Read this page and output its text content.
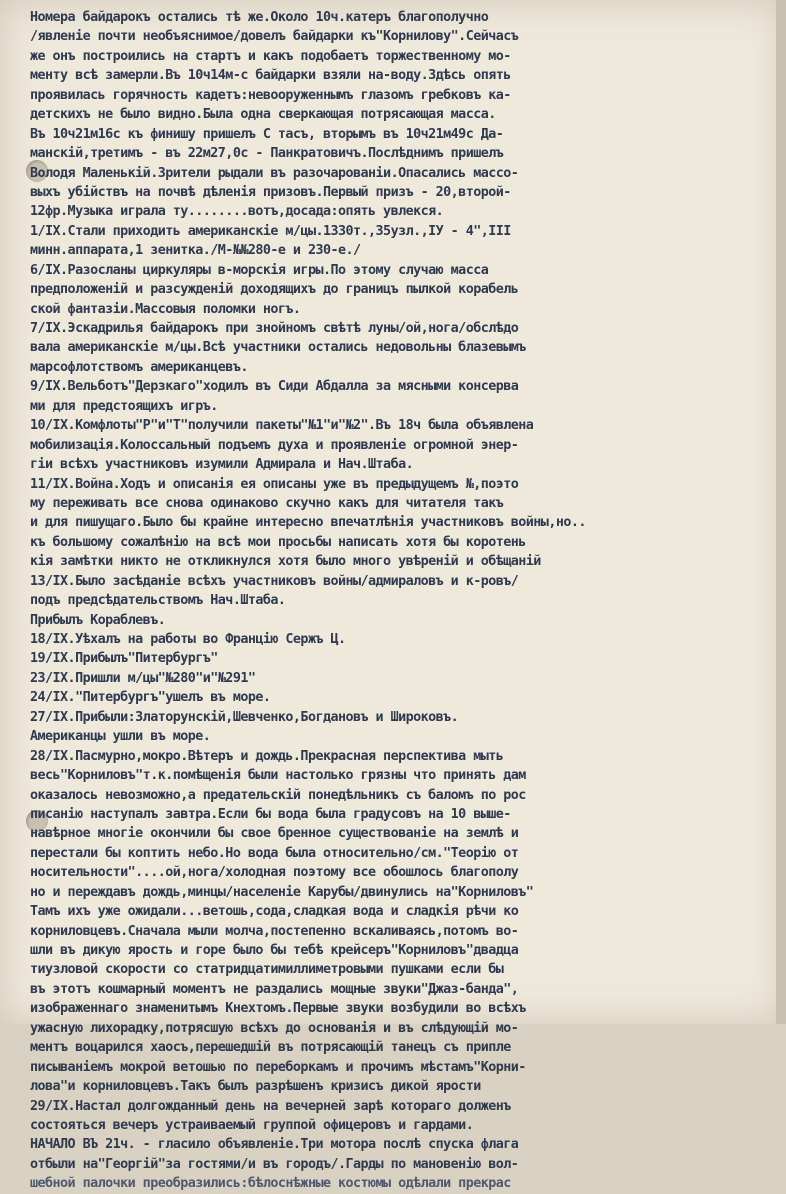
Номера байдарокъ остались тѣ же.Около 10ч.катеръ благополучно
/явленіе почти необъяснимое/довелъ байдарки къ"Корнилову".Сейчасъ
же онъ построились на стартъ и какъ подобаетъ торжественному мо-
менту всѣ замерли.Въ 10ч14м-с байдарки взяли на-воду.Здѣсь опять
проявилась горячность кадетъ:невооруженнымъ глазомъ гребковъ ка-
детскихъ не было видно.Была одна сверкающая потрясающая масса.
Въ 10ч21м16с къ финишу пришелъ С тасъ, вторымъ въ 10ч21м49с Да-
манскій,третимъ - въ 22м27,0с - Панкратовичъ.Послѣднимъ пришелъ
Володя Маленькій.Зрители рыдали въ разочарованіи.Опасались массо-
выхъ убійствъ на почвѣ дѣленія призовъ.Первый призъ - 20,второй-
12фр.Музыка играла ту........вотъ,досада:опять увлекся.
1/IX.Стали приходить американскіе м/цы.1330т.,35узл.,IУ - 4",III
минн.аппарата,1 зенитка./М-№№280-е и 230-е./
6/IX.Разосланы циркуляры в-морскія игры.По этому случаю масса
предположеній и разсужденій доходящихъ до границъ пылкой корабель
ской фантазіи.Массовыя поломки ногъ.
7/IX.Эскадрилья байдарокъ при знойномъ свѣтѣ луны/ой,нога/обслѣдо
вала американскіе м/цы.Всѣ участники остались недовольны блазевымъ
марсофлотствомъ американцевъ.
9/IX.Вельботъ"Дерзкаго"ходилъ въ Сиди Абдалла за мясными консерва
ми для предстоящихъ игръ.
10/IX.Комфлоты"Р"и"Т"получили пакеты"№1"и"№2".Въ 18ч была объявлена
мобилизація.Колоссальный подъемъ духа и проявленіе огромной энер-
гіи всѣхъ участниковъ изумили Адмирала и Нач.Штаба.
11/IX.Война.Ходъ и описанія ея описаны уже въ предыдущемъ №,поэто
му переживать все снова одинаково скучно какъ для читателя такъ
и для пишущаго.Было бы крайне интересно впечатлѣнія участниковъ войны,но..
къ большому сожалѣнію на всѣ мои просьбы написать хотя бы коротень
кія замѣтки никто не откликнулся хотя было много увѣреній и обѣщаній
13/IX.Было засѣданіе всѣхъ участниковъ войны/адмираловъ и к-ровъ/
подъ предсѣдательствомъ Нач.Штаба.
Прибылъ Кораблевъ.
18/IX.Уѣхалъ на работы во Францію Сержъ Ц.
19/IX.Прибылъ"Питербургъ"
23/IX.Пришли м/цы"№280"и"№291"
24/IX."Питербургъ"ушелъ въ море.
27/IX.Прибыли:Златорунскій,Шевченко,Богдановъ и Широковъ.
Американцы ушли въ море.
28/IX.Пасмурно,мокро.Вѣтеръ и дождь.Прекрасная перспектива мыть
весь"Корниловъ"т.к.помѣщенія были настолько грязны что принять дам
оказалось невозможно,а предательскій понедѣльникъ съ баломъ по рос
писанію наступалъ завтра.Если бы вода была градусовъ на 10 выше-
навѣрное многіе окончили бы свое бренное существованіе на землѣ и
перестали бы коптить небо.Но вода была относительно/см."Теорію от
носительности"....ой,нога/холодная поэтому все обошлось благополу
но и переждавъ дождь,минцы/населеніе Карубы/двинулись на"Корниловъ"
Тамъ ихъ уже ожидали...ветошь,сода,сладкая вода и сладкія рѣчи ко
корниловцевъ.Сначала мыли молча,постепенно вскаливаясь,потомъ во-
шли въ дикую ярость и горе было бы тебѣ крейсеръ"Корниловъ"двадца
тиузловой скорости со статридцатимиллиметровыми пушками если бы
въ этотъ кошмарный моментъ не раздались мощные звуки"Джаз-банда",
изображеннаго знаменитымъ Кнехтомъ.Первые звуки возбудили во всѣхъ
ужасную лихорадку,потрясшую всѣхъ до основанія и въ слѣдующій мо-
ментъ воцарился хаосъ,перешедшій въ потрясающій танецъ съ припле
писываніемъ мокрой ветошью по переборкамъ и прочимъ мѣстамъ"Корни-
лова"и корниловцевъ.Такъ былъ разрѣшенъ кризисъ дикой ярости
29/IX.Настал долгожданный день на вечерней зарѣ котораго долженъ
состояться вечеръ устраиваемый группой офицеровъ и гардами.
НАЧАЛО ВЪ 21ч. - гласило объявленіе.Три мотора послѣ спуска флага
отбыли на"Георгій"за гостями/и въ городъ/.Гарды по мановенію вол-
шебной палочки преобразились:бѣлоснѣжные костюмы одѣлали прекрас
